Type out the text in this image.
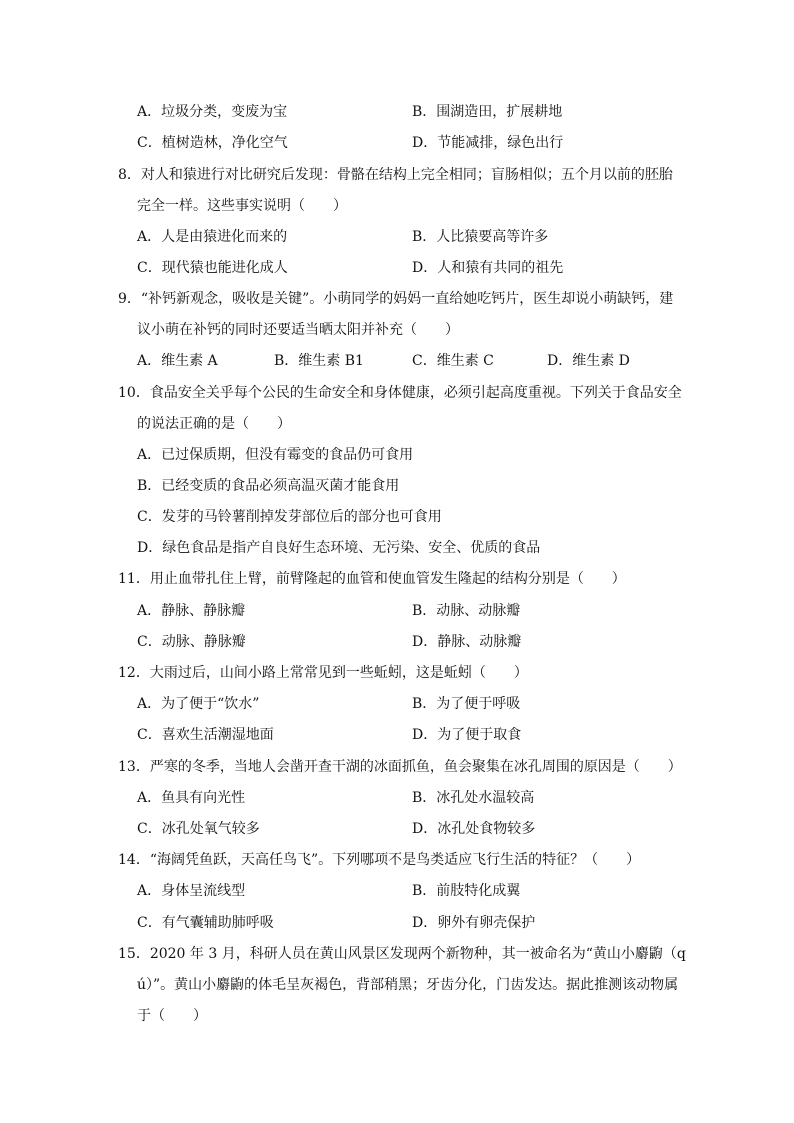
A．垃圾分类，变废为宝	B．围湖造田，扩展耕地
C．植树造林，净化空气	D．节能减排，绿色出行
8．对人和猿进行对比研究后发现：骨骼在结构上完全相同；盲肠相似；五个月以前的胚胎
完全一样。这些事实说明（　　）
A．人是由猿进化而来的	B．人比猿要高等许多
C．现代猿也能进化成人	D．人和猿有共同的祖先
9．“补钙新观念，吸收是关键”。小萌同学的妈妈一直给她吃钙片，医生却说小萌缺钙，建
议小萌在补钙的同时还要适当晒太阳并补充（　　）
A．维生素 A	B．维生素 B1	C．维生素 C	D．维生素 D
10．食品安全关乎每个公民的生命安全和身体健康，必须引起高度重视。下列关于食品安全
的说法正确的是（　　）
A．已过保质期，但没有霉变的食品仍可食用
B．已经变质的食品必须高温灭菌才能食用
C．发芽的马铃薯削掉发芽部位后的部分也可食用
D．绿色食品是指产自良好生态环境、无污染、安全、优质的食品
11．用止血带扎住上臂，前臂隆起的血管和使血管发生隆起的结构分别是（　　）
A．静脉、静脉瓣	B．动脉、动脉瓣
C．动脉、静脉瓣	D．静脉、动脉瓣
12．大雨过后，山间小路上常常见到一些蚯蚓，这是蚯蚓（　　）
A．为了便于“饮水”	B．为了便于呼吸
C．喜欢生活潮湿地面	D．为了便于取食
13．严寒的冬季，当地人会凿开查干湖的冰面抓鱼，鱼会聚集在冰孔周围的原因是（　　）
A．鱼具有向光性	B．冰孔处水温较高
C．冰孔处氧气较多	D．冰孔处食物较多
14．“海阔凭鱼跃，天高任鸟飞”。下列哪项不是鸟类适应飞行生活的特征？（　　）
A．身体呈流线型	B．前肢特化成翼
C．有气囊辅助肺呼吸	D．卵外有卵壳保护
15．2020 年 3 月，科研人员在黄山风景区发现两个新物种，其一被命名为“黄山小麝鼩（q
ú）”。黄山小麝鼩的体毛呈灰褐色，背部稍黑；牙齿分化，门齿发达。据此推测该动物属
于（　　）
